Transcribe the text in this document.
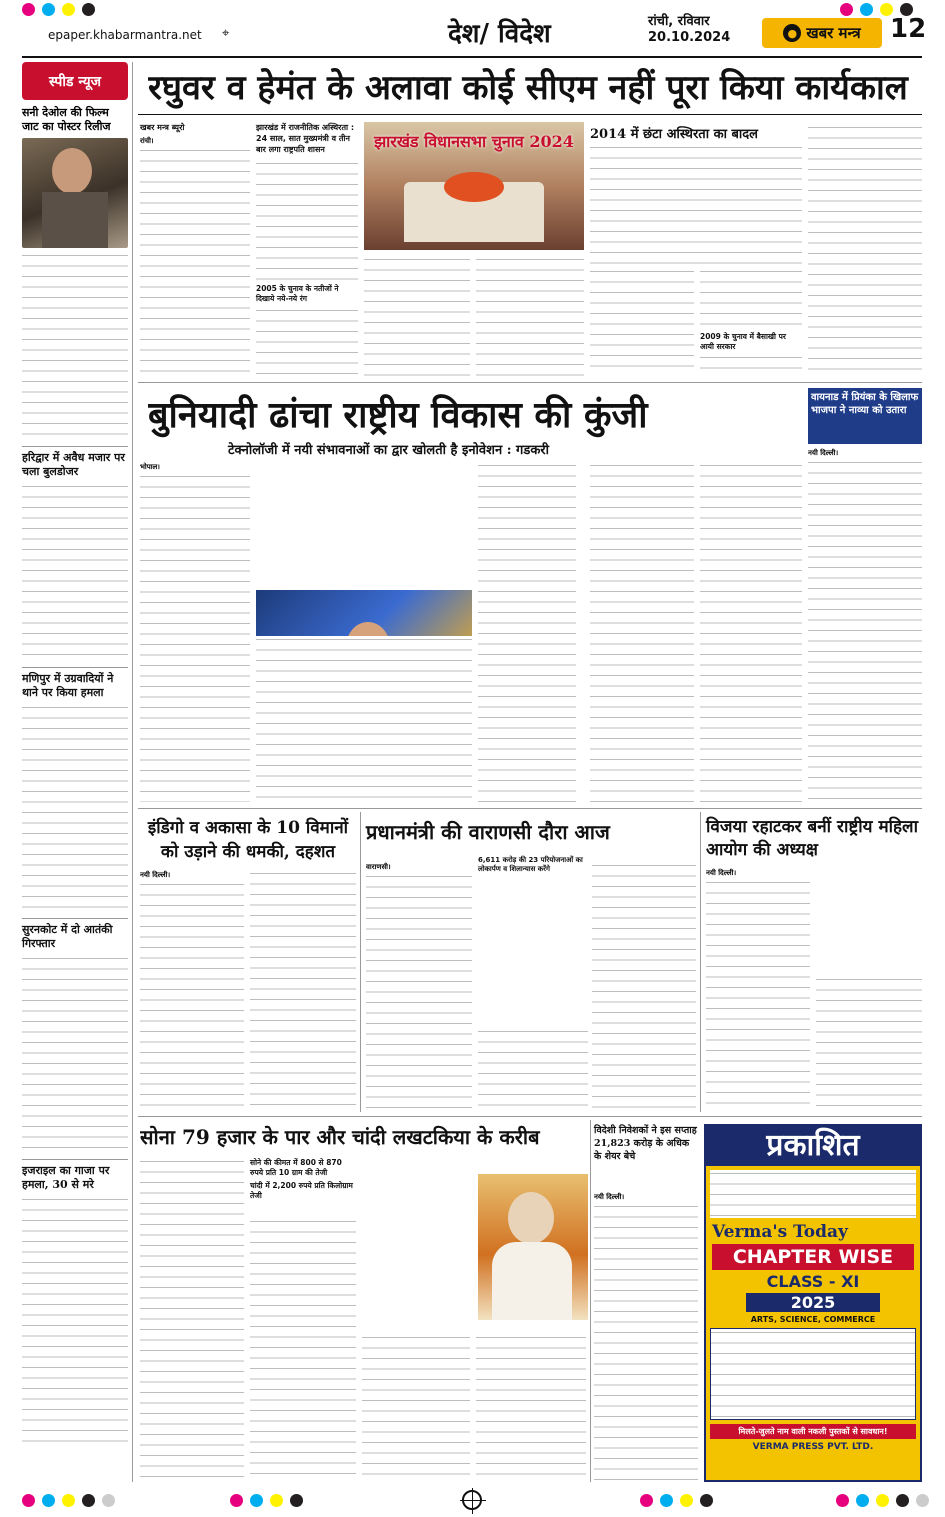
epaper.khabarmantra.net ⌖	देश/ विदेश	रांची, रविवार
20.10.2024	● खबर मन्त्र 12
स्पीड न्यूज
सनी देओल की फिल्म जाट का पोस्टर रिलीज
हरिद्वार में अवैध मजार पर चला बुलडोजर
मणिपुर में उग्रवादियों ने थाने पर किया हमला
सुरनकोट में दो आतंकी गिरफ्तार
इजराइल का गाजा पर हमला, 30 से मरे
रघुवर व हेमंत के अलावा कोई सीएम नहीं पूरा किया कार्यकाल
खबर मन्त्र ब्यूरो
रांची।
झारखंड में राजनीतिक अस्थिरता : 24 साल, सात मुख्यमंत्री व तीन बार लगा राष्ट्रपति शासन
2005 के चुनाव के नतीजों ने दिखाये नये-नये रंग
झारखंड विधानसभा चुनाव 2024	2014 में छंटा अस्थिरता का बादल
2009 के चुनाव में बैसाखी पर आयी सरकार
बुनियादी ढांचा राष्ट्रीय विकास की कुंजी
टेक्नोलॉजी में नयी संभावनाओं का द्वार खोलती है इनोवेशन : गडकरी
भोपाल।
वायनाड में प्रियंका के खिलाफ भाजपा ने नाव्या को उतारा
नयी दिल्ली।
इंडिगो व अकासा के 10 विमानों को उड़ाने की धमकी, दहशत
नयी दिल्ली।
प्रधानमंत्री की वाराणसी दौरा आज
वाराणसी।
6,611 करोड़ की 23 परियोजनाओं का लोकार्पण व शिलान्यास करेंगे
विजया रहाटकर बनीं राष्ट्रीय महिला आयोग की अध्यक्ष
नयी दिल्ली।
सोना 79 हजार के पार और चांदी लखटकिया के करीब
सोने की कीमत में 800 से 870 रुपये प्रति 10 ग्राम की तेजी
चांदी में 2,200 रुपये प्रति किलोग्राम तेजी
विदेशी निवेशकों ने इस सप्ताह 21,823 करोड़ के अधिक के शेयर बेचे
नयी दिल्ली।
प्रकाशित
Verma's Today
CHAPTER WISE
CLASS - XI
2025
ARTS, SCIENCE, COMMERCE
मिलते-जुलते नाम वाली नकली पुस्तकों से सावधान!
VERMA PRESS PVT. LTD.
